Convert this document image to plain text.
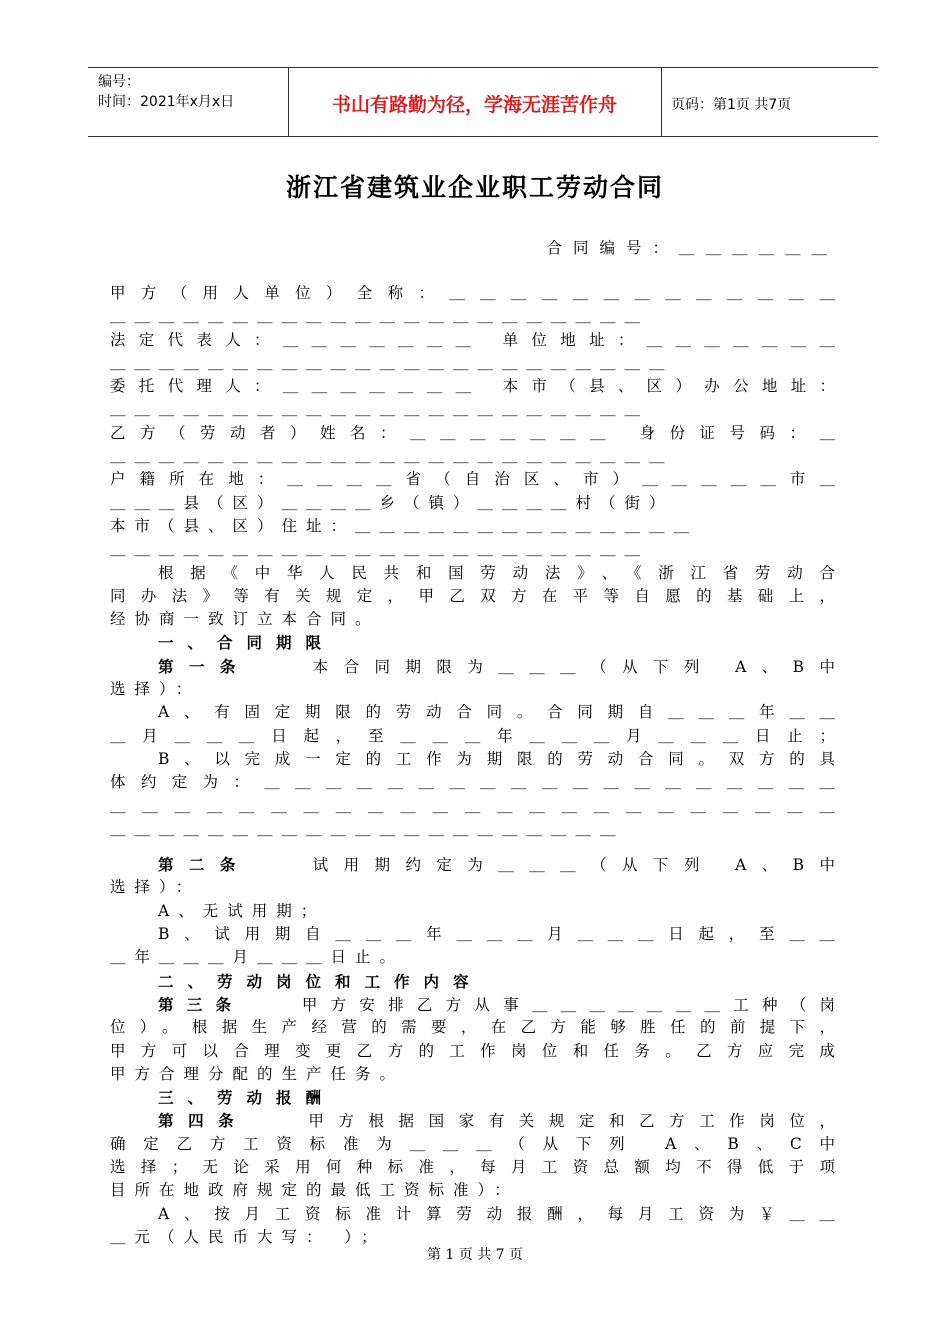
编号：
时间：2021年x月x日	书山有路勤为径，学海无涯苦作舟	页码：第1页 共7页
浙江省建筑业企业职工劳动合同
合同编号：＿＿＿＿＿＿
甲方（用人单位）全称：＿＿＿＿＿＿＿＿＿＿＿＿＿
＿＿＿＿＿＿＿＿＿＿＿＿＿＿＿＿＿＿＿＿＿＿
法定代表人：＿＿＿＿＿＿＿ 单位地址：＿＿＿＿＿＿＿
＿＿＿＿＿＿＿＿＿＿＿＿＿＿＿＿＿＿＿＿＿＿＿
委托代理人：＿＿＿＿＿＿＿ 本市（县、区）办公地址：
＿＿＿＿＿＿＿＿＿＿＿＿＿＿＿＿＿＿＿＿＿＿
乙方（劳动者）姓名：＿＿＿＿＿＿＿ 身份证号码：＿
＿＿＿＿＿＿＿＿＿＿＿＿＿＿＿＿＿＿＿＿＿＿＿
户籍所在地：＿＿＿＿省（自治区、市）＿＿＿＿＿市＿
＿＿＿县（区）＿＿＿＿乡（镇）＿＿＿＿村（街）
本市（县、区）住址：＿＿＿＿＿＿＿＿＿＿＿＿＿＿
＿＿＿＿＿＿＿＿＿＿＿＿＿＿＿＿＿＿＿＿＿＿
根据《中华人民共和国劳动法》、《浙江省劳动合
同办法》等有关规定，甲乙双方在平等自愿的基础上，
经协商一致订立本合同。
一、合同期限
第一条　　	本合同期限为＿＿＿（从下列 A、B中
选择）：
A、有固定期限的劳动合同。合同期自＿＿＿年＿＿
＿月＿＿＿日起，至＿＿＿年＿＿＿月＿＿＿日止；
B、以完成一定的工作为期限的劳动合同。双方的具
体约定为：＿＿＿＿＿＿＿＿＿＿＿＿＿＿＿＿＿＿＿
＿＿＿＿＿＿＿＿＿＿＿＿＿＿＿＿＿＿＿＿＿＿＿
＿＿＿＿＿＿＿＿＿＿＿＿＿＿＿＿＿＿＿＿＿
第二条　　	试用期约定为＿＿＿（从下列 A、B中
选择）：
A、无试用期；
B、试用期自＿＿＿年＿＿＿月＿＿＿日起，至＿＿
＿年＿＿＿月＿＿＿日止。
二、劳动岗位和工作内容
第三条　　	甲方安排乙方从事＿＿＿＿＿＿＿工种（岗
位）。根据生产经营的需要，在乙方能够胜任的前提下，
甲方可以合理变更乙方的工作岗位和任务。乙方应完成
甲方合理分配的生产任务。
三、劳动报酬
第四条　　	甲方根据国家有关规定和乙方工作岗位，
确定乙方工资标准为＿＿＿（从下列 A、B、C中
选择；无论采用何种标准，每月工资总额均不得低于项
目所在地政府规定的最低工资标准）：
A、按月工资标准计算劳动报酬，每月工资为￥＿＿
＿元（人民币大写： ）；
第 1 页 共 7 页
